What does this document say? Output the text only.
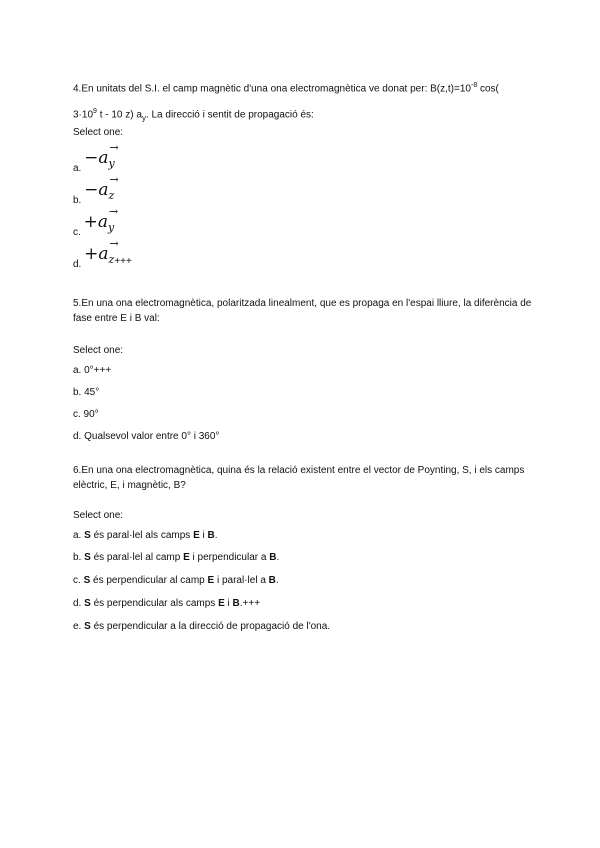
4.En unitats del S.I. el camp magnètic d'una ona electromagnètica ve donat per: $B(z,t)=10^{-8}$ cos(
$3\cdot 10^9$ t - 10 z) $a_y$. La direcció i sentit de propagació és:
Select one:
a. −
→
$a_y$
b. −
→
$a_z$
c. +
→
$a_y$
d. +
→
$a_z+++$
5.En una ona electromagnètica, polaritzada linealment, que es propaga en l'espai lliure, la diferència de fase entre E i B val:
Select one:
a. 0°+++
b. 45°
c. 90°
d. Qualsevol valor entre 0° i 360°
6.En una ona electromagnètica, quina és la relació existent entre el vector de Poynting, S, i els camps elèctric, E, i magnètic, B?
Select one:
a. S és paral·lel als camps E i B.
b. S és paral·lel al camp E i perpendicular a B.
c. S és perpendicular al camp E i paral·lel a B.
d. S és perpendicular als camps E i B.+++
e. S és perpendicular a la direcció de propagació de l'ona.
